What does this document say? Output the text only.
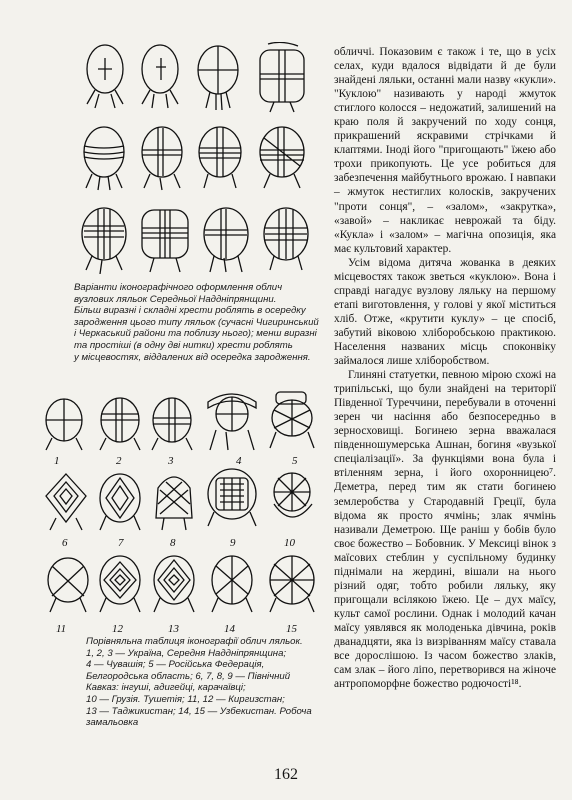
Варіанти іконографічного оформлення облич

вузлових ляльок Середньої Наддніпрянщини.

Більш виразні і складні хрести роблять в осередку

зародження цього типу ляльок (сучасні Чигиринський

і Черкаський райони та поблизу нього); менш виразні

та простіші (в одну дві нитки) хрести роблять

у місцевостях, віддалених від осередка зародження.

1	2	3	4	5
6	7	8	9	10
11	12	13	14	15

Порівняльна таблиця іконографії облич ляльок.

1, 2, 3 — Україна, Середня Наддніпрянщина;

4 — Чувашія; 5 — Російська Федерація,

Белгородська область; 6, 7, 8, 9 — Північний

Кавказ: інгуші, адигейці, карачаївці;

10 — Грузія. Тушетія; 11, 12 — Киргизстан;

13 — Таджикистан; 14, 15 — Узбекистан. Робоча

замальовка

обличчі. Показовим є також і те, що в усіх селах, куди вдалося відвідати й де були знайдені ляльки, останні мали назву «кукли». "Куклою" називають у народі жмуток стиглого колосся – недожатий, залишений на краю поля й закручений по ходу сонця, прикрашений яскравими стрічками й клаптями. Іноді його "пригощають" їжею або трохи прикопують. Це усе робиться для забезпечення майбутнього врожаю. І навпаки – жмуток нестиглих колосків, закручених "проти сонця", – «залом», «закрутка», «завой» – накликає неврожай та біду. «Кукла» і «залом» – магічна опозиція, яка має культовий характер.

Усім відома дитяча жованка в деяких місцевостях також зветься «куклою». Вона і справді нагадує вузлову ляльку на першому етапі виготовлення, у голові у якої міститься хліб. Отже, «крутити куклу» – це спосіб, забутий віковою хліборобською практикою. Населення названих місць споконвіку займалося лише хліборобством.

Глиняні статуетки, певною мірою схожі на трипільські, що були знайдені на території Південної Туреччини, перебували в оточенні зерен чи насіння або безпосередньо в зерносховищі. Богинею зерна вважалася південношумерська Ашнан, богиня «вузької спеціалізації». За функціями вона була і втіленням зерна, і його охоронницею⁷. Деметра, перед тим як стати богинею землеробства у Стародавній Греції, була відома як просто ячмінь; злак ячмінь називали Деметрою. Ще раніш у бобів було своє божество – Бобовник. У Мексиці вінок з маїсових стеблин у суспільному будинку піднімали на жердині, вішали на нього різний одяг, тобто робили ляльку, яку пригощали всілякою їжею. Це – дух маїсу, культ самої рослини. Однак і молодий качан маїсу уявлявся як молоденька дівчина, років дванадцяти, яка із визріванням маїсу ставала все дорослішою. Із часом божество злаків, сам злак – його ліпо, перетворився на жіноче антропоморфне божество родючості¹⁸.

162
